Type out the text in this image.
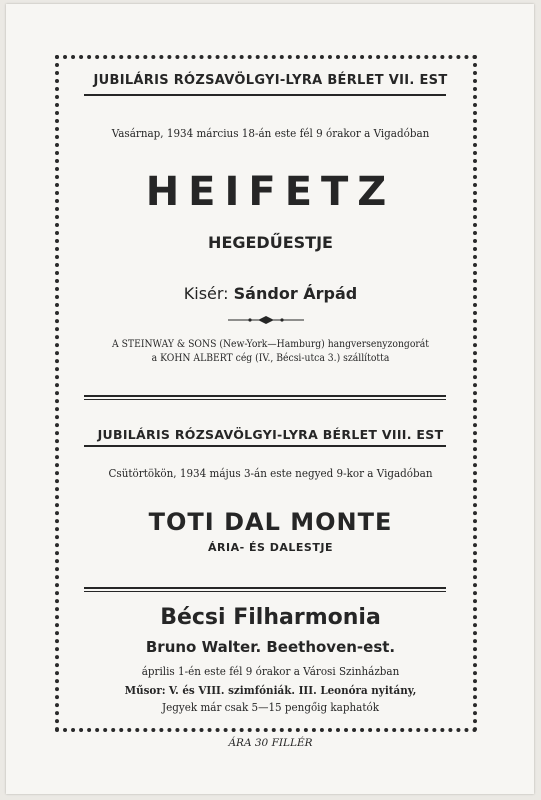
JUBILÁRIS RÓZSAVÖLGYI-LYRA BÉRLET VII. EST
Vasárnap, 1934 március 18-án este fél 9 órakor a Vigadóban
HEIFETZ
HEGEDŰESTJE
Kisér: Sándor Árpád
A STEINWAY & SONS (New-York—Hamburg) hangversenyzongorát
a KOHN ALBERT cég (IV., Bécsi-utca 3.) szállította
JUBILÁRIS RÓZSAVÖLGYI-LYRA BÉRLET VIII. EST
Csütörtökön, 1934 május 3-án este negyed 9-kor a Vigadóban
TOTI DAL MONTE
ÁRIA- ÉS DALESTJE
Bécsi Filharmonia
Bruno Walter. Beethoven-est.
április 1-én este fél 9 órakor a Városi Szinházban
Műsor: V. és VIII. szimfóniák. III. Leonóra nyitány,
Jegyek már csak 5—15 pengőig kaphatók
ÁRA 30 FILLÉR
